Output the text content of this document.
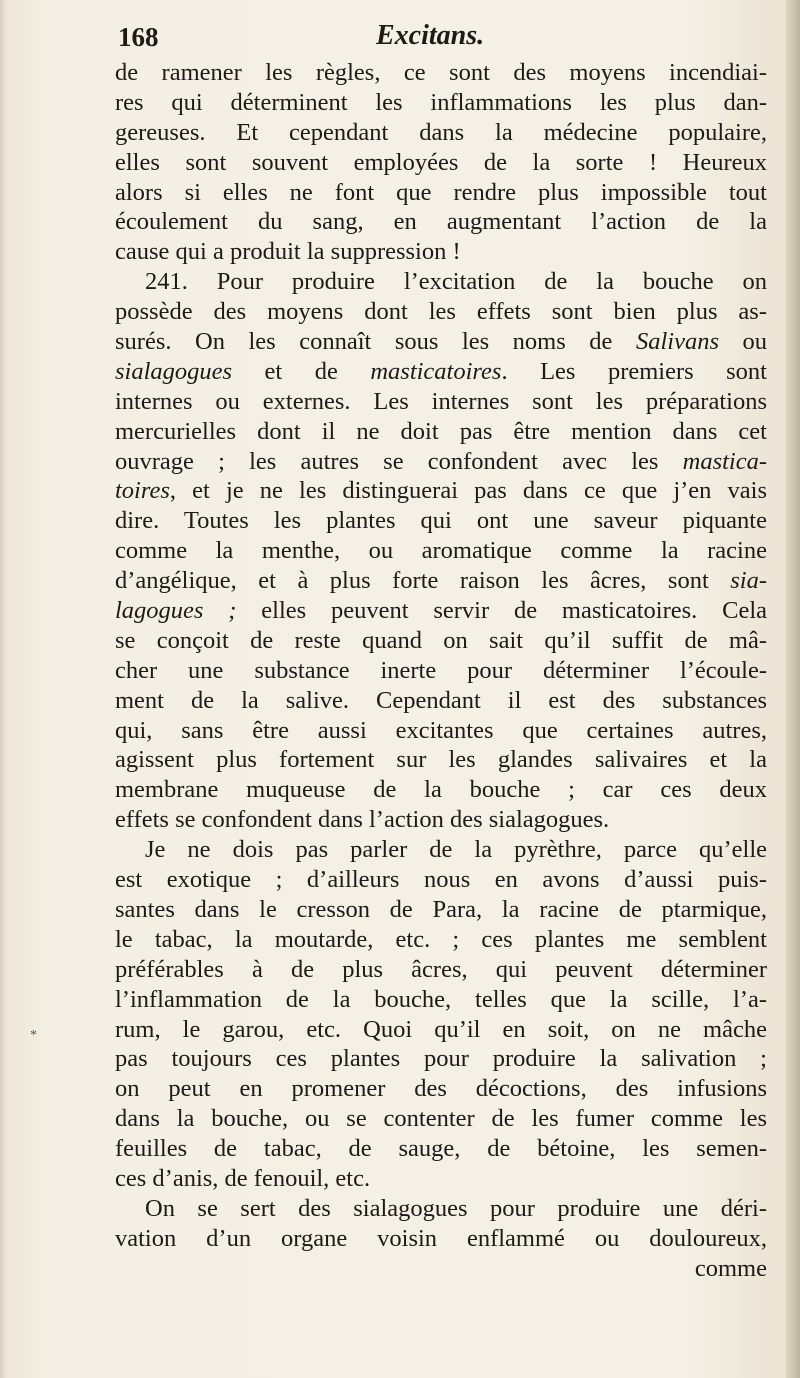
168	Excitans.
de ramener les règles, ce sont des moyens incendiai-
res qui déterminent les inflammations les plus dan-
gereuses. Et cependant dans la médecine populaire,
elles sont souvent employées de la sorte ! Heureux
alors si elles ne font que rendre plus impossible tout
écoulement du sang, en augmentant l’action de la
cause qui a produit la suppression !
241. Pour produire l’excitation de la bouche on
possède des moyens dont les effets sont bien plus as-
surés. On les connaît sous les noms de Salivans ou
sialagogues et de masticatoires. Les premiers sont
internes ou externes. Les internes sont les préparations
mercurielles dont il ne doit pas être mention dans cet
ouvrage ; les autres se confondent avec les mastica-
toires, et je ne les distinguerai pas dans ce que j’en vais
dire. Toutes les plantes qui ont une saveur piquante
comme la menthe, ou aromatique comme la racine
d’angélique, et à plus forte raison les âcres, sont sia-
lagogues ; elles peuvent servir de masticatoires. Cela
se conçoit de reste quand on sait qu’il suffit de mâ-
cher une substance inerte pour déterminer l’écoule-
ment de la salive. Cependant il est des substances
qui, sans être aussi excitantes que certaines autres,
agissent plus fortement sur les glandes salivaires et la
membrane muqueuse de la bouche ; car ces deux
effets se confondent dans l’action des sialagogues.
Je ne dois pas parler de la pyrèthre, parce qu’elle
est exotique ; d’ailleurs nous en avons d’aussi puis-
santes dans le cresson de Para, la racine de ptarmique,
le tabac, la moutarde, etc. ; ces plantes me semblent
préférables à de plus âcres, qui peuvent déterminer
l’inflammation de la bouche, telles que la scille, l’a-
rum, le garou, etc. Quoi qu’il en soit, on ne mâche
pas toujours ces plantes pour produire la salivation ;
on peut en promener des décoctions, des infusions
dans la bouche, ou se contenter de les fumer comme les
feuilles de tabac, de sauge, de bétoine, les semen-
ces d’anis, de fenouil, etc.
On se sert des sialagogues pour produire une déri-
vation d’un organe voisin enflammé ou douloureux,
comme
*
